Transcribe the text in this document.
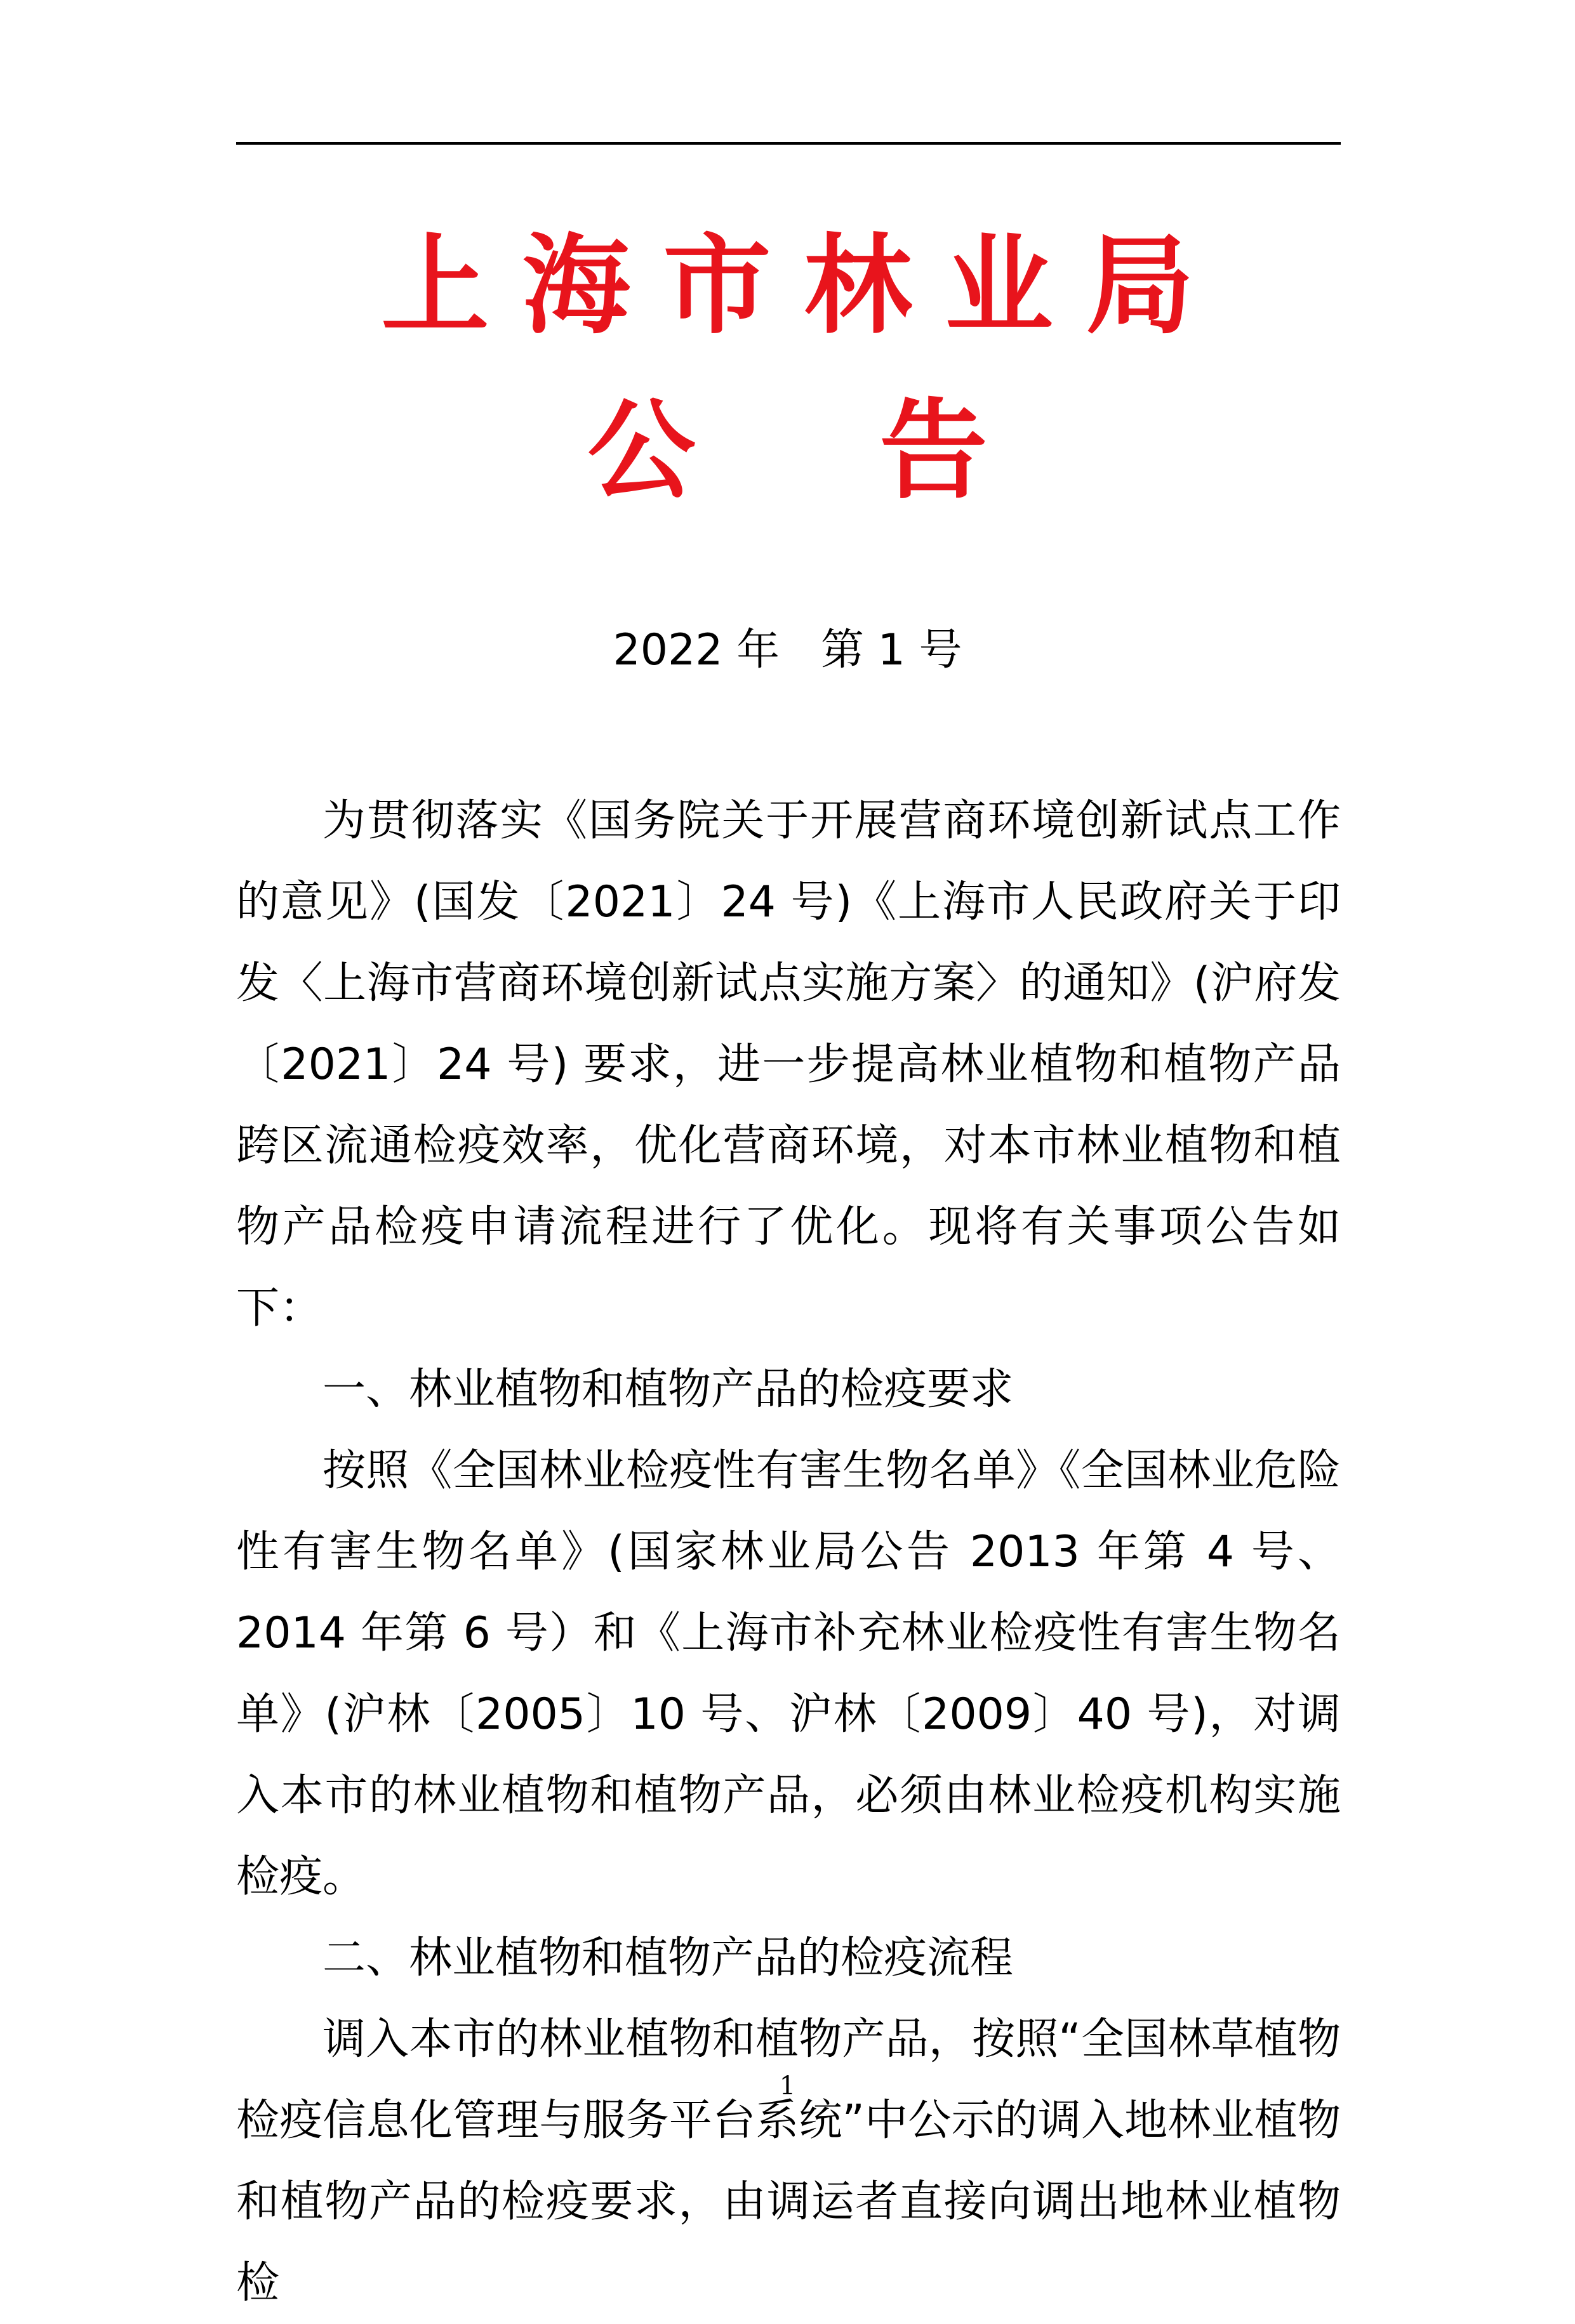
上海市林业局
公告
2022 年   第 1 号

为贯彻落实《国务院关于开展营商环境创新试点工作的意见》(国发〔2021〕24 号)《上海市人民政府关于印发〈上海市营商环境创新试点实施方案〉的通知》(沪府发〔2021〕24 号) 要求，进一步提高林业植物和植物产品跨区流通检疫效率，优化营商环境，对本市林业植物和植物产品检疫申请流程进行了优化。现将有关事项公告如下：

一、林业植物和植物产品的检疫要求

按照《全国林业检疫性有害生物名单》《全国林业危险性有害生物名单》(国家林业局公告 2013 年第 4 号、2014 年第 6 号）和《上海市补充林业检疫性有害生物名单》(沪林〔2005〕10 号、沪林〔2009〕40 号)，对调入本市的林业植物和植物产品，必须由林业检疫机构实施检疫。

二、林业植物和植物产品的检疫流程

调入本市的林业植物和植物产品，按照“全国林草植物检疫信息化管理与服务平台系统”中公示的调入地林业植物和植物产品的检疫要求，由调运者直接向调出地林业植物检

1
